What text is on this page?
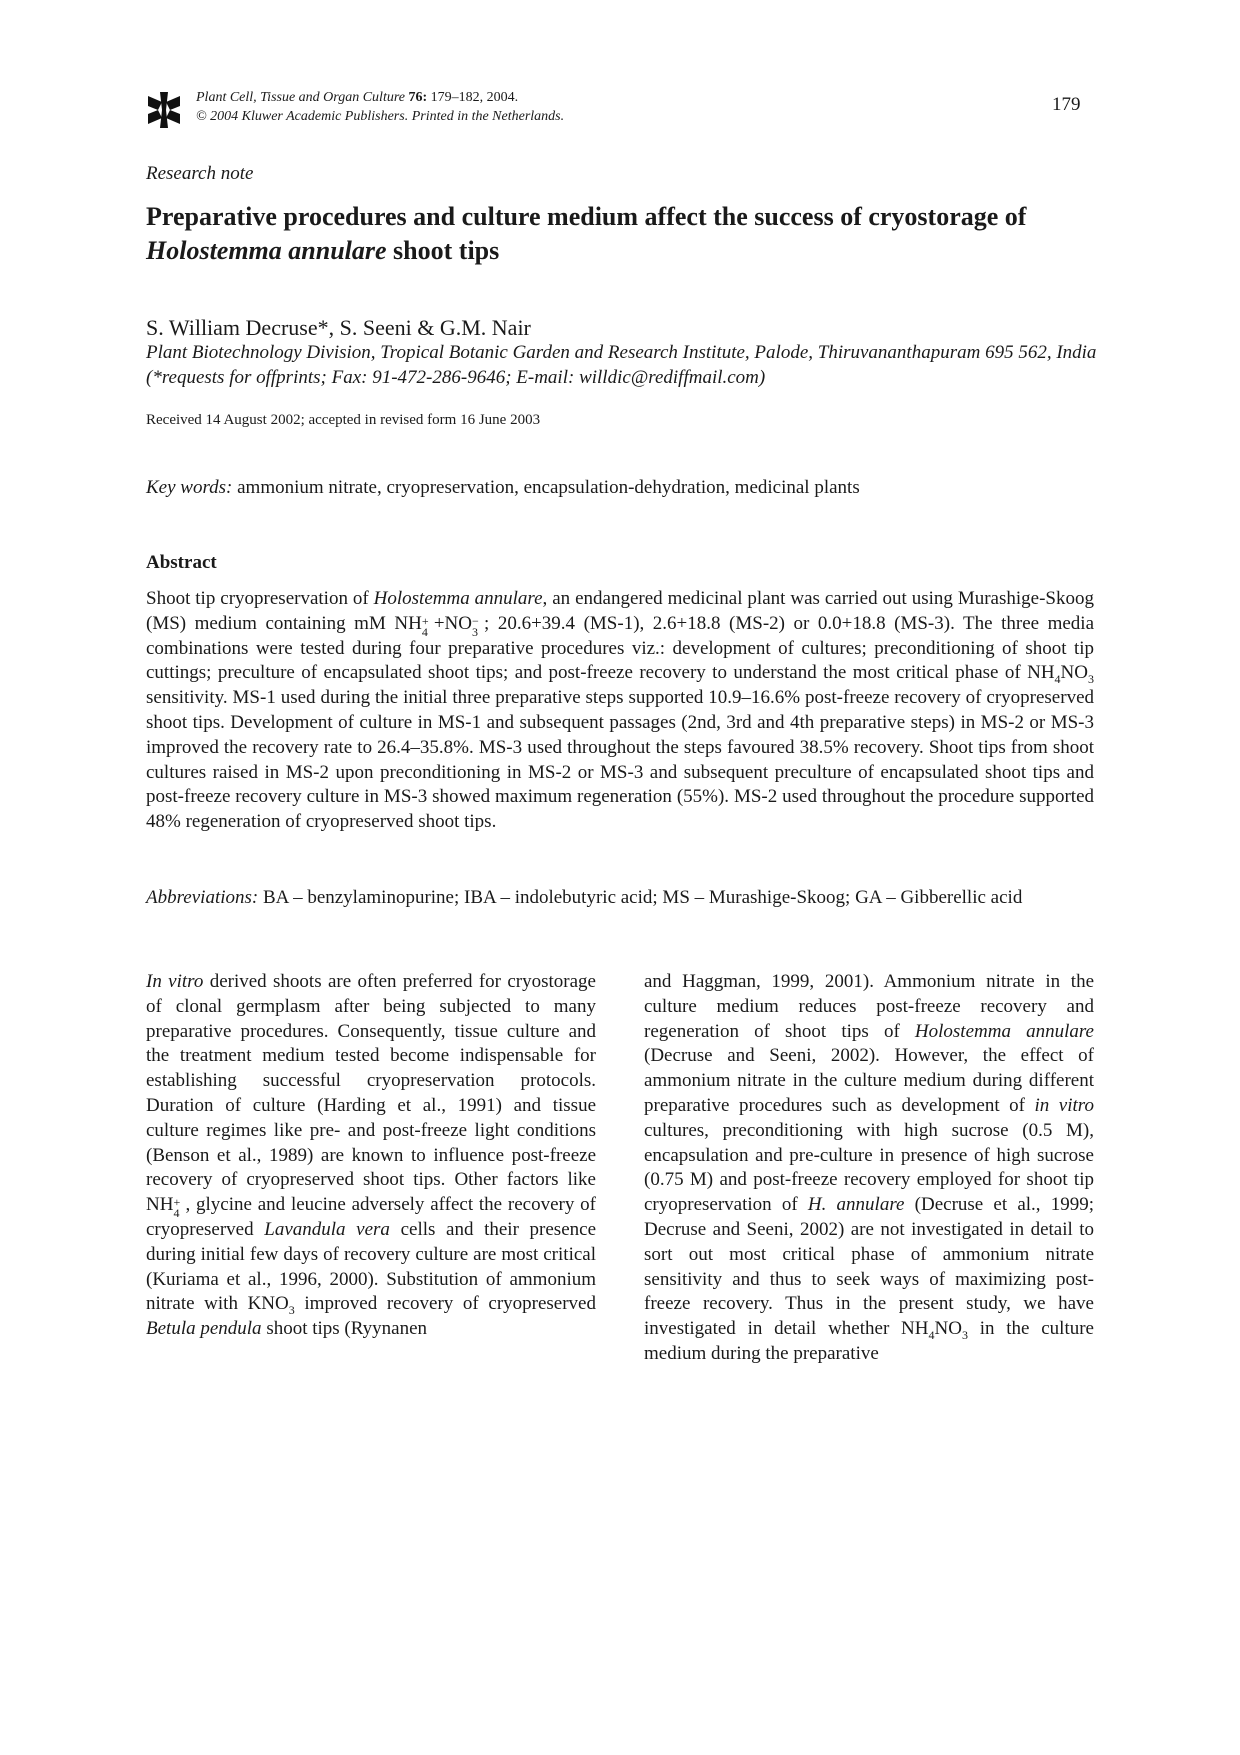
Plant Cell, Tissue and Organ Culture 76: 179–182, 2004.
© 2004 Kluwer Academic Publishers. Printed in the Netherlands.
179
Research note
Preparative procedures and culture medium affect the success of cryostorage of Holostemma annulare shoot tips
S. William Decruse*, S. Seeni & G.M. Nair
Plant Biotechnology Division, Tropical Botanic Garden and Research Institute, Palode, Thiruvananthapuram 695 562, India (*requests for offprints; Fax: 91-472-286-9646; E-mail: willdic@rediffmail.com)
Received 14 August 2002; accepted in revised form 16 June 2003
Key words: ammonium nitrate, cryopreservation, encapsulation-dehydration, medicinal plants
Abstract

Shoot tip cryopreservation of Holostemma annulare, an endangered medicinal plant was carried out using Murashige-Skoog (MS) medium containing mM NH +
4 +NO −
3 ; 20.6+39.4 (MS-1), 2.6+18.8 (MS-2) or 0.0+18.8 (MS-3). The three media combinations were tested during four preparative procedures viz.: development of cultures; preconditioning of shoot tip cuttings; preculture of encapsulated shoot tips; and post-freeze recovery to understand the most critical phase of $NH_4NO_3$ sensitivity. MS-1 used during the initial three preparative steps supported 10.9–16.6% post-freeze recovery of cryopreserved shoot tips. Development of culture in MS-1 and subsequent passages (2nd, 3rd and 4th preparative steps) in MS-2 or MS-3 improved the recovery rate to 26.4–35.8%. MS-3 used throughout the steps favoured 38.5% recovery. Shoot tips from shoot cultures raised in MS-2 upon preconditioning in MS-2 or MS-3 and subsequent preculture of encapsulated shoot tips and post-freeze recovery culture in MS-3 showed maximum regeneration (55%). MS-2 used throughout the procedure supported 48% regeneration of cryopreserved shoot tips.

Abbreviations: BA – benzylaminopurine; IBA – indolebutyric acid; MS – Murashige-Skoog; GA – Gibberellic acid

In vitro derived shoots are often preferred for cryostorage of clonal germplasm after being subjected to many preparative procedures. Consequently, tissue culture and the treatment medium tested become indispensable for establishing successful cryopreservation protocols. Duration of culture (Harding et al., 1991) and tissue culture regimes like pre- and post-freeze light conditions (Benson et al., 1989) are known to influence post-freeze recovery of cryopreserved shoot tips. Other factors like NH +
4 , glycine and leucine adversely affect the recovery of cryopreserved Lavandula vera cells and their presence during initial few days of recovery culture are most critical (Kuriama et al., 1996, 2000). Substitution of ammonium nitrate with $KNO_3$ improved recovery of cryopreserved Betula pendula shoot tips (Ryynanen

and Haggman, 1999, 2001). Ammonium nitrate in the culture medium reduces post-freeze recovery and regeneration of shoot tips of Holostemma annulare (Decruse and Seeni, 2002). However, the effect of ammonium nitrate in the culture medium during different preparative procedures such as development of in vitro cultures, preconditioning with high sucrose (0.5 M), encapsulation and pre-culture in presence of high sucrose (0.75 M) and post-freeze recovery employed for shoot tip cryopreservation of H. annulare (Decruse et al., 1999; Decruse and Seeni, 2002) are not investigated in detail to sort out most critical phase of ammonium nitrate sensitivity and thus to seek ways of maximizing post-freeze recovery. Thus in the present study, we have investigated in detail whether $NH_4NO_3$ in the culture medium during the preparative
